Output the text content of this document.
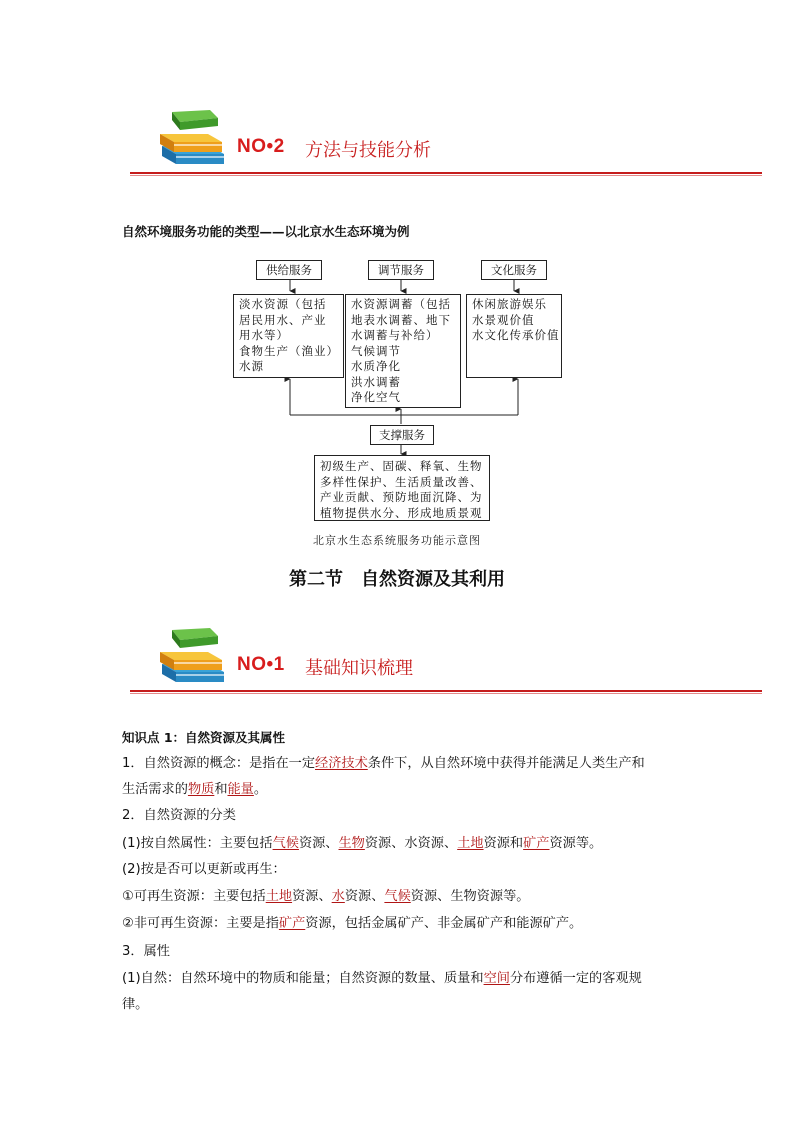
NO•2 方法与技能分析
自然环境服务功能的类型——以北京水生态环境为例
供给服务	调节服务	文化服务
淡水资源（包括
居民用水、产业
用水等）
食物生产（渔业）
水源
水资源调蓄（包括
地表水调蓄、地下
水调蓄与补给）
气候调节
水质净化
洪水调蓄
净化空气
休闲旅游娱乐
水景观价值
水文化传承价值
支撑服务
初级生产、固碳、释氧、生物
多样性保护、生活质量改善、
产业贡献、预防地面沉降、为
植物提供水分、形成地质景观
北京水生态系统服务功能示意图
第二节　自然资源及其利用
NO•1 基础知识梳理
知识点 1：自然资源及其属性
1．自然资源的概念：是指在一定经济技术条件下，从自然环境中获得并能满足人类生产和
生活需求的物质和能量。
2．自然资源的分类
(1)按自然属性：主要包括气候资源、生物资源、水资源、土地资源和矿产资源等。
(2)按是否可以更新或再生：
①可再生资源：主要包括土地资源、水资源、气候资源、生物资源等。
②非可再生资源：主要是指矿产资源，包括金属矿产、非金属矿产和能源矿产。
3．属性
(1)自然：自然环境中的物质和能量；自然资源的数量、质量和空间分布遵循一定的客观规
律。
